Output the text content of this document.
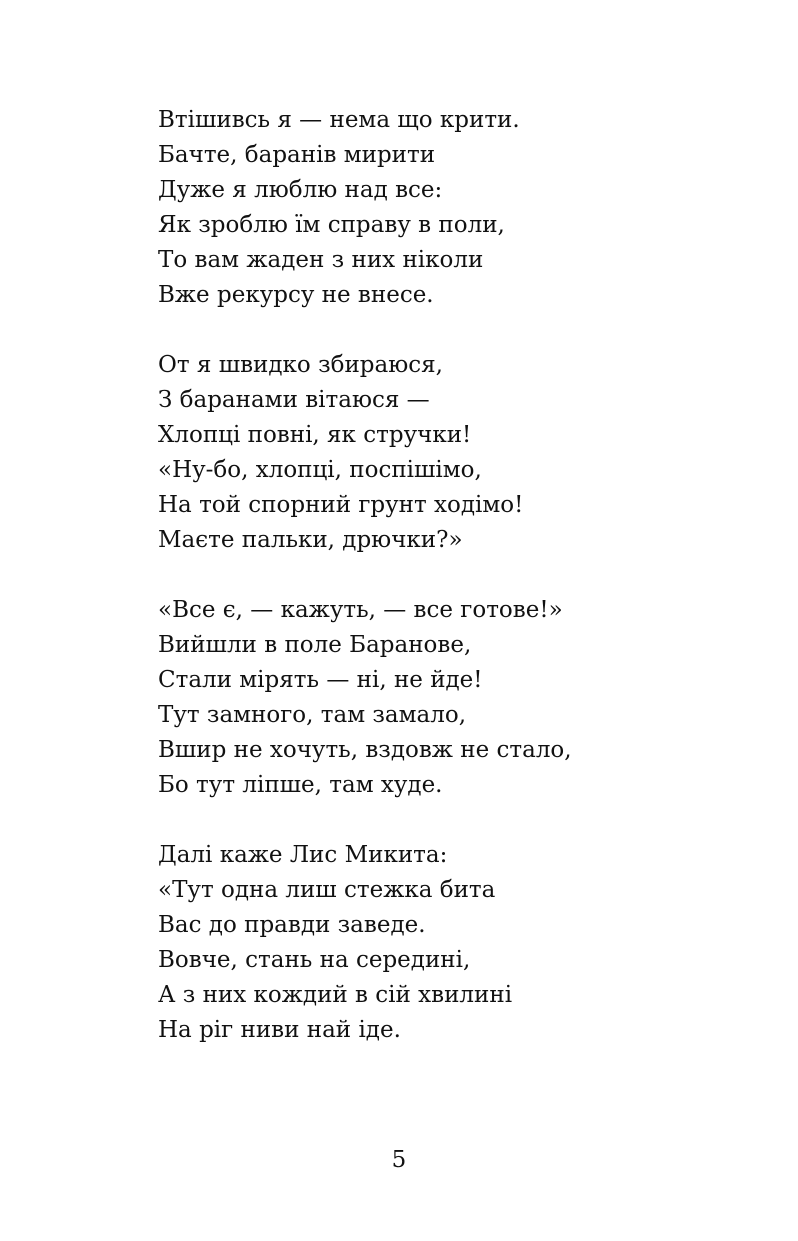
Втішивсь я — нема що крити.
Бачте, баранів мирити
Дуже я люблю над все:
Як зроблю їм справу в поли,
То вам жаден з них ніколи
Вже рекурсу не внесе.
От я швидко збираюся,
З баранами вітаюся —
Хлопці повні, як стручки!
«Ну-бо, хлопці, поспішімо,
На той спорний грунт ходімо!
Маєте пальки, дрючки?»
«Все є, — кажуть, — все готове!»
Вийшли в поле Баранове,
Стали мірять — ні, не йде!
Тут замного, там замало,
Вшир не хочуть, вздовж не стало,
Бо тут ліпше, там худе.
Далі каже Лис Микита:
«Тут одна лиш стежка бита
Вас до правди заведе.
Вовче, стань на середині,
А з них кождий в сій хвилині
На ріг ниви най іде.
5
